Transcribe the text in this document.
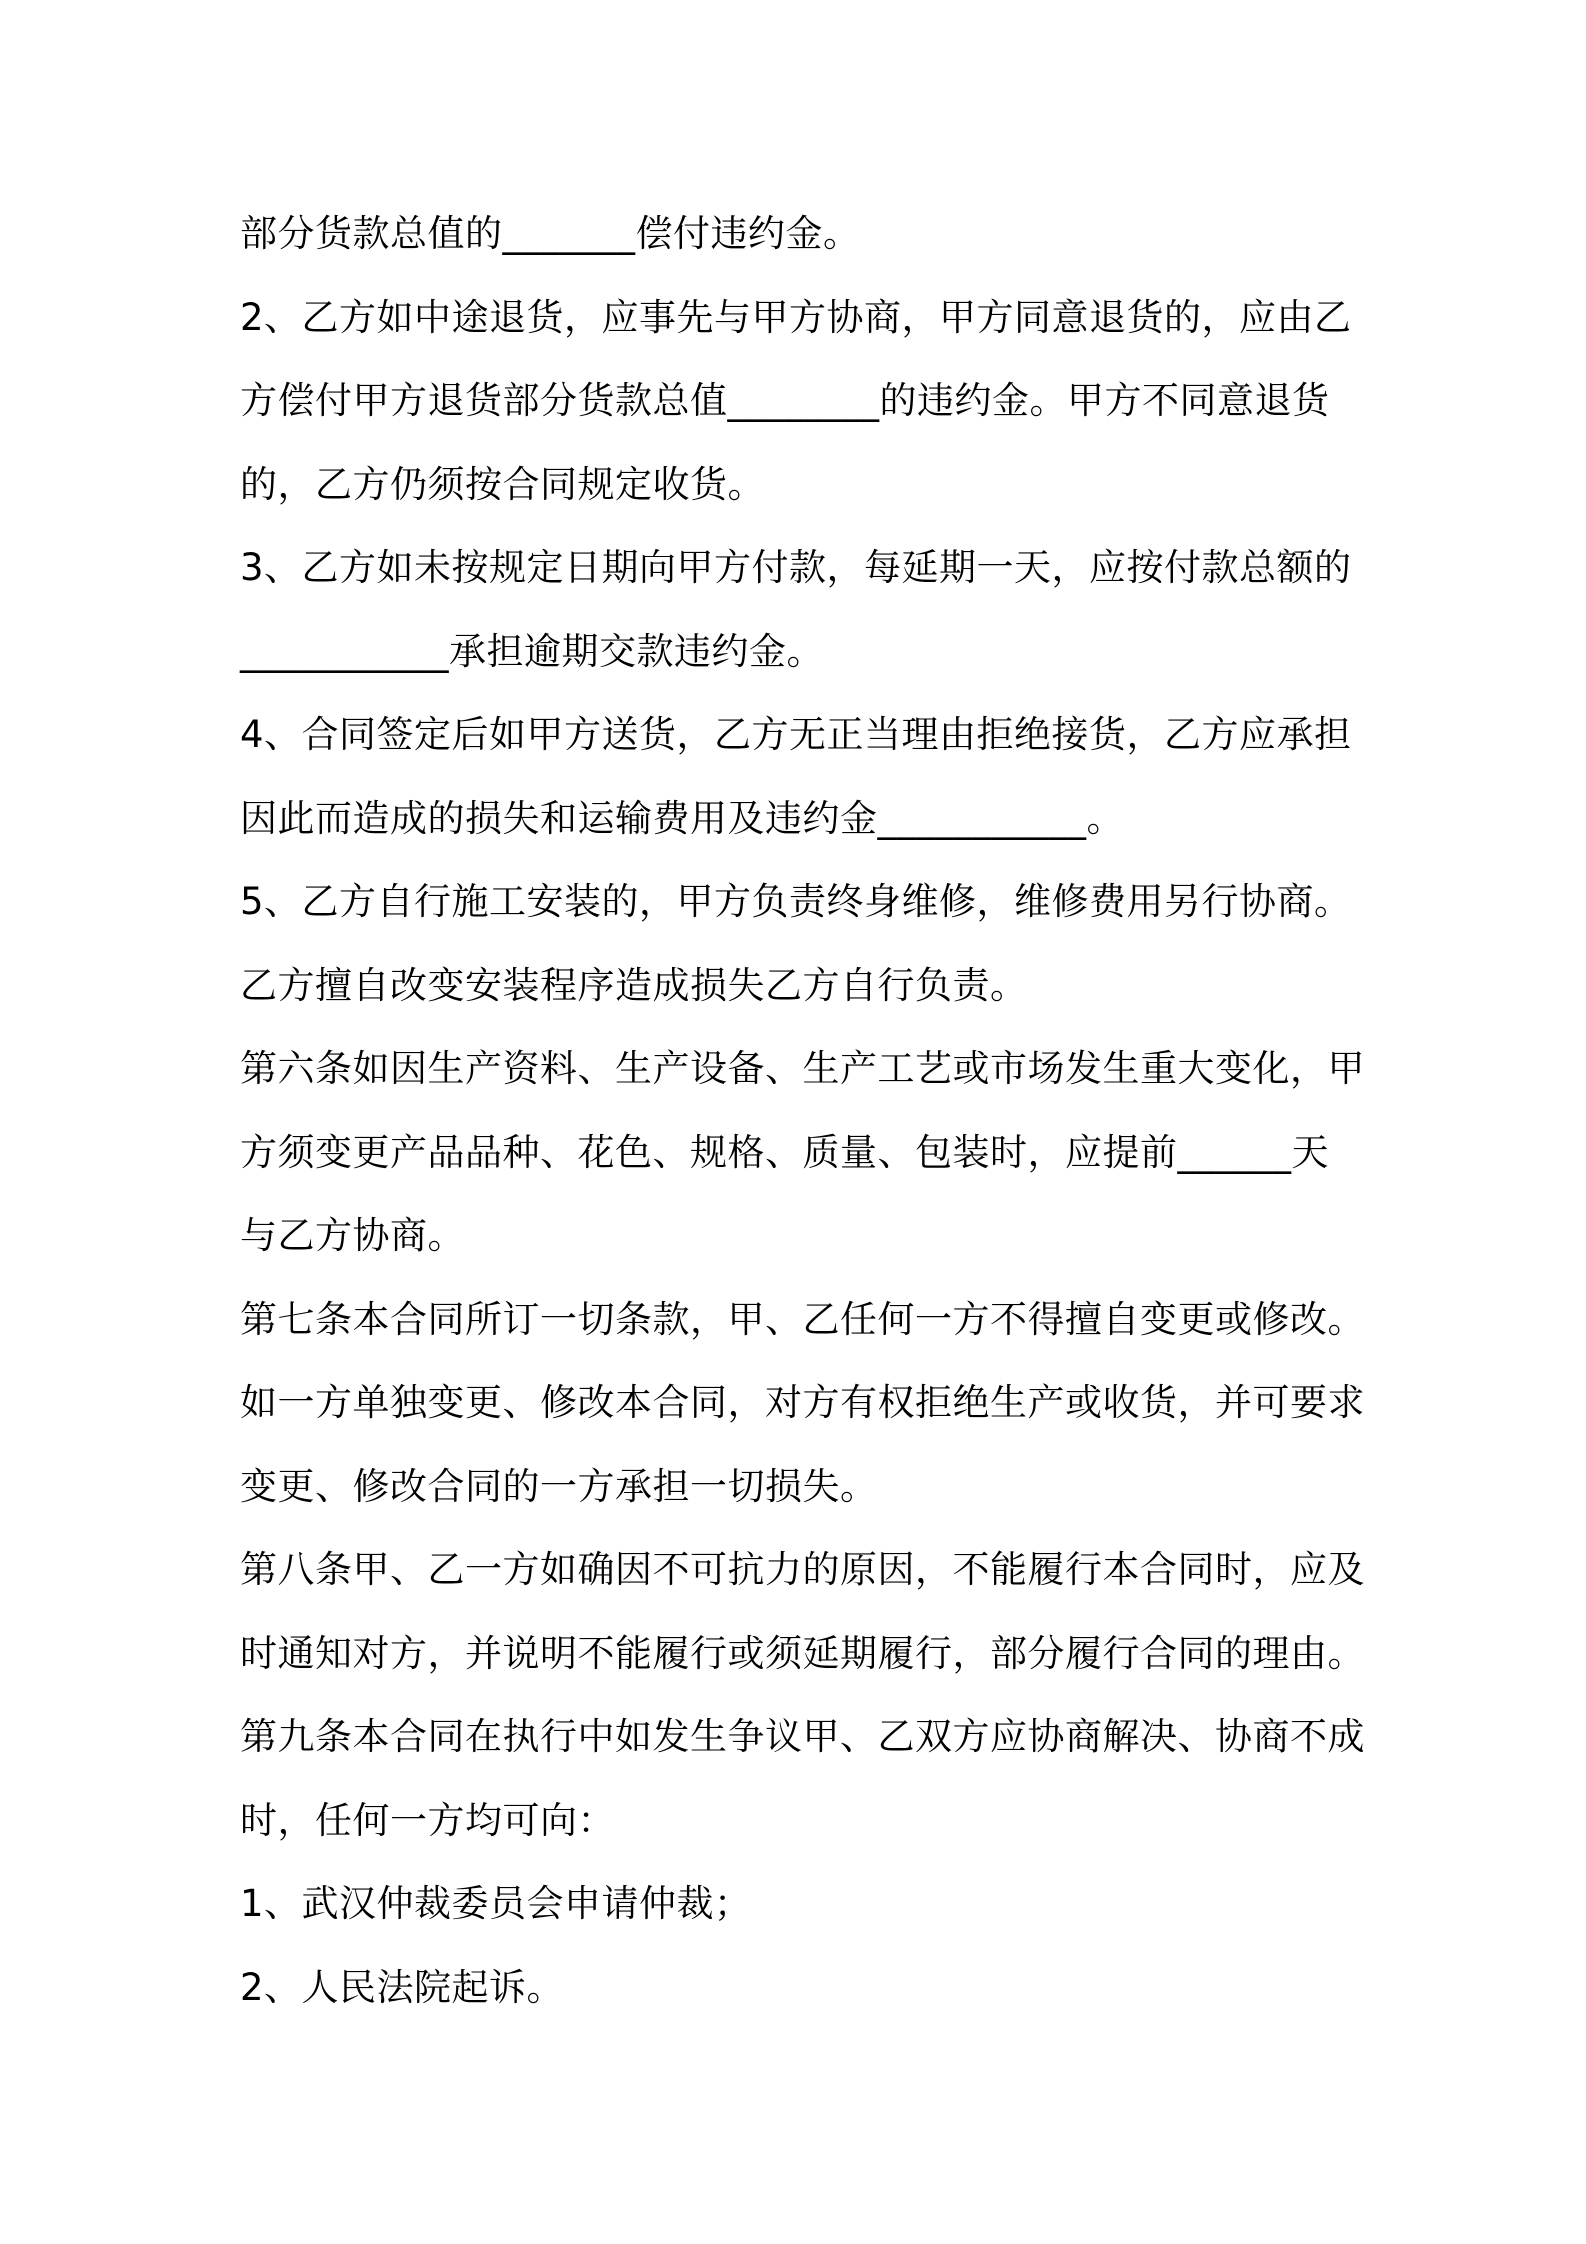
部分货款总值的_______偿付违约金。
2、乙方如中途退货，应事先与甲方协商，甲方同意退货的，应由乙
方偿付甲方退货部分货款总值________的违约金。甲方不同意退货
的，乙方仍须按合同规定收货。
3、乙方如未按规定日期向甲方付款，每延期一天，应按付款总额的
___________承担逾期交款违约金。
4、合同签定后如甲方送货，乙方无正当理由拒绝接货，乙方应承担
因此而造成的损失和运输费用及违约金___________。
5、乙方自行施工安装的，甲方负责终身维修，维修费用另行协商。
乙方擅自改变安装程序造成损失乙方自行负责。
第六条如因生产资料、生产设备、生产工艺或市场发生重大变化，甲
方须变更产品品种、花色、规格、质量、包装时，应提前______天
与乙方协商。
第七条本合同所订一切条款，甲、乙任何一方不得擅自变更或修改。
如一方单独变更、修改本合同，对方有权拒绝生产或收货，并可要求
变更、修改合同的一方承担一切损失。
第八条甲、乙一方如确因不可抗力的原因，不能履行本合同时，应及
时通知对方，并说明不能履行或须延期履行，部分履行合同的理由。
第九条本合同在执行中如发生争议甲、乙双方应协商解决、协商不成
时，任何一方均可向：
1、武汉仲裁委员会申请仲裁；
2、人民法院起诉。
